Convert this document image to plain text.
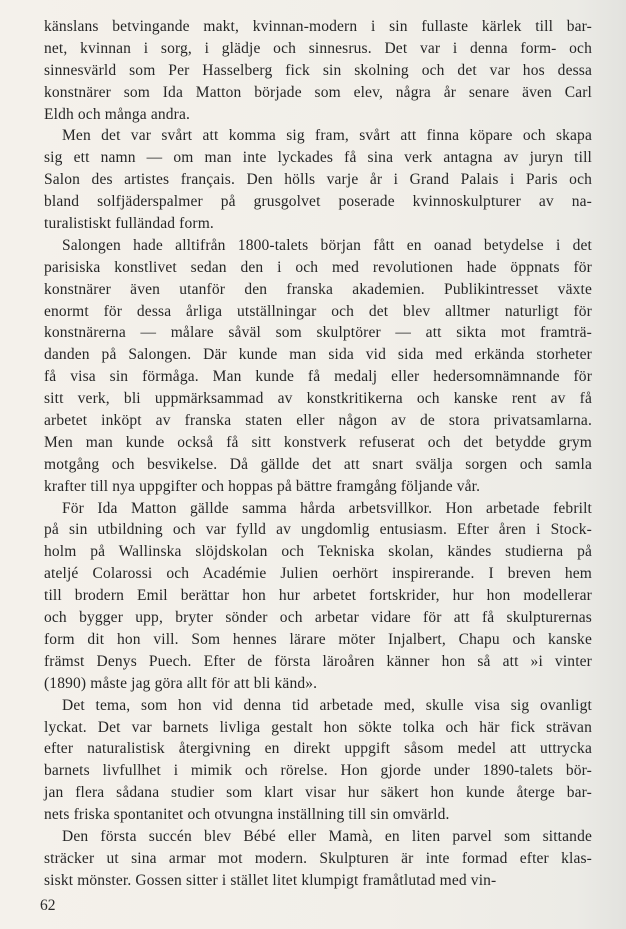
känslans betvingande makt, kvinnan-modern i sin fullaste kärlek till bar-
net, kvinnan i sorg, i glädje och sinnesrus. Det var i denna form- och
sinnesvärld som Per Hasselberg fick sin skolning och det var hos dessa
konstnärer som Ida Matton började som elev, några år senare även Carl
Eldh och många andra.
Men det var svårt att komma sig fram, svårt att finna köpare och skapa
sig ett namn — om man inte lyckades få sina verk antagna av juryn till
Salon des artistes français. Den hölls varje år i Grand Palais i Paris och
bland solfjäderspalmer på grusgolvet poserade kvinnoskulpturer av na-
turalistiskt fulländad form.
Salongen hade alltifrån 1800-talets början fått en oanad betydelse i det
parisiska konstlivet sedan den i och med revolutionen hade öppnats för
konstnärer även utanför den franska akademien. Publikintresset växte
enormt för dessa årliga utställningar och det blev alltmer naturligt för
konstnärerna — målare såväl som skulptörer — att sikta mot framträ-
danden på Salongen. Där kunde man sida vid sida med erkända storheter
få visa sin förmåga. Man kunde få medalj eller hedersomnämnande för
sitt verk, bli uppmärksammad av konstkritikerna och kanske rent av få
arbetet inköpt av franska staten eller någon av de stora privatsamlarna.
Men man kunde också få sitt konstverk refuserat och det betydde grym
motgång och besvikelse. Då gällde det att snart svälja sorgen och samla
krafter till nya uppgifter och hoppas på bättre framgång följande vår.
För Ida Matton gällde samma hårda arbetsvillkor. Hon arbetade febrilt
på sin utbildning och var fylld av ungdomlig entusiasm. Efter åren i Stock-
holm på Wallinska slöjdskolan och Tekniska skolan, kändes studierna på
ateljé Colarossi och Académie Julien oerhört inspirerande. I breven hem
till brodern Emil berättar hon hur arbetet fortskrider, hur hon modellerar
och bygger upp, bryter sönder och arbetar vidare för att få skulpturernas
form dit hon vill. Som hennes lärare möter Injalbert, Chapu och kanske
främst Denys Puech. Efter de första läroåren känner hon så att »i vinter
(1890) måste jag göra allt för att bli känd».
Det tema, som hon vid denna tid arbetade med, skulle visa sig ovanligt
lyckat. Det var barnets livliga gestalt hon sökte tolka och här fick strävan
efter naturalistisk återgivning en direkt uppgift såsom medel att uttrycka
barnets livfullhet i mimik och rörelse. Hon gjorde under 1890-talets bör-
jan flera sådana studier som klart visar hur säkert hon kunde återge bar-
nets friska spontanitet och otvungna inställning till sin omvärld.
Den första succén blev Bébé eller Mamà, en liten parvel som sittande
sträcker ut sina armar mot modern. Skulpturen är inte formad efter klas-
siskt mönster. Gossen sitter i stället litet klumpigt framåtlutad med vin-
62
